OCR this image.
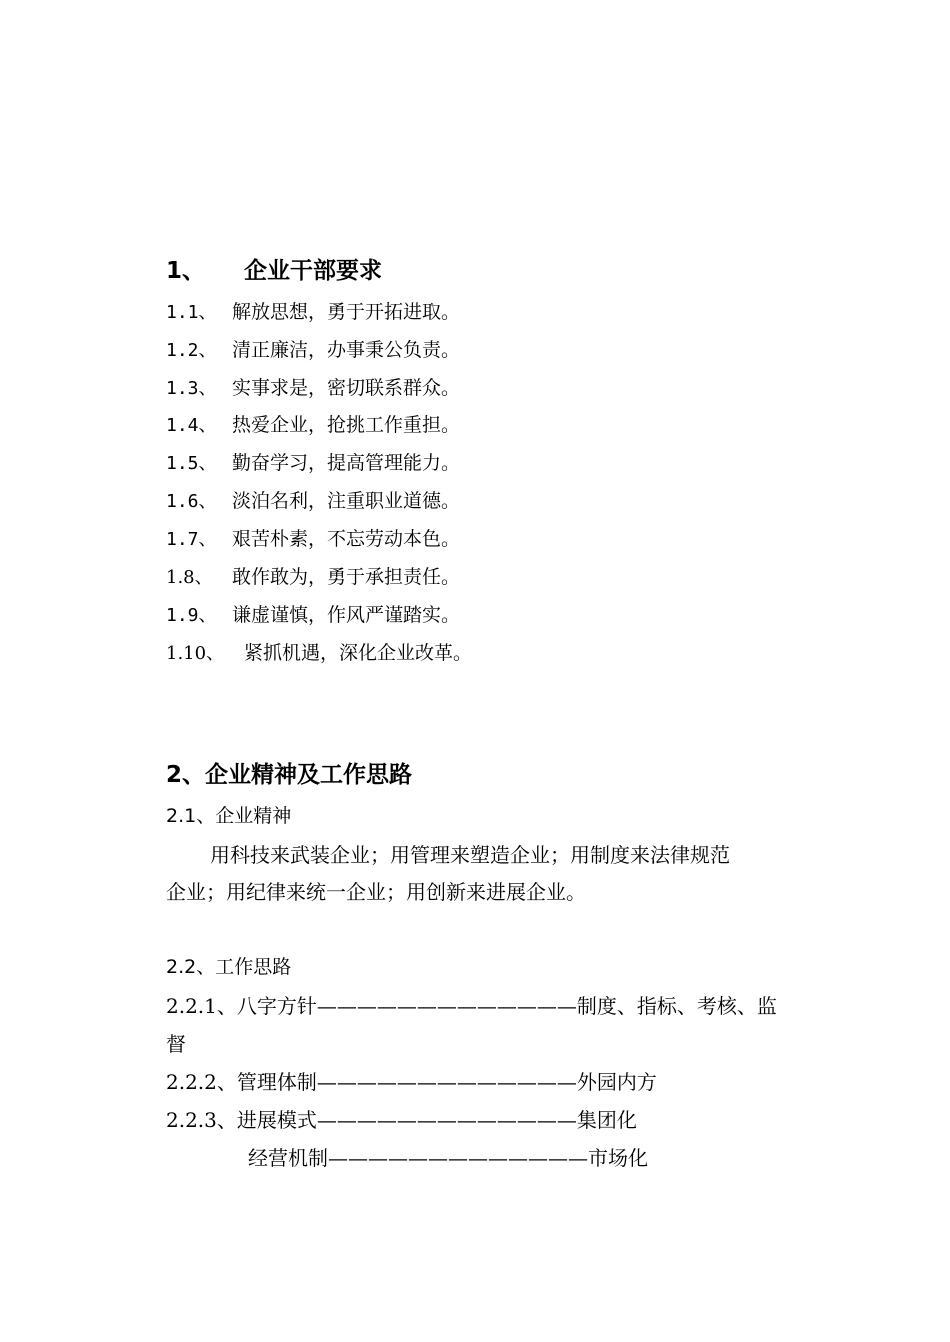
1、 企业干部要求
1.1、 解放思想，勇于开拓进取。
1.2、 清正廉洁，办事秉公负责。
1.3、 实事求是，密切联系群众。
1.4、 热爱企业，抢挑工作重担。
1.5、 勤奋学习，提高管理能力。
1.6、 淡泊名利，注重职业道德。
1.7、 艰苦朴素，不忘劳动本色。
1.8、 敢作敢为，勇于承担责任。
1.9、 谦虚谨慎，作风严谨踏实。
1.10、 紧抓机遇，深化企业改革。
2、企业精神及工作思路
2.1、企业精神
用科技来武装企业；用管理来塑造企业；用制度来法律规范
企业；用纪律来统一企业；用创新来进展企业。
2.2、工作思路
2.2.1、八字方针—————————————制度、指标、考核、监
督
2.2.2、管理体制—————————————外园内方
2.2.3、进展模式—————————————集团化
经营机制—————————————市场化
